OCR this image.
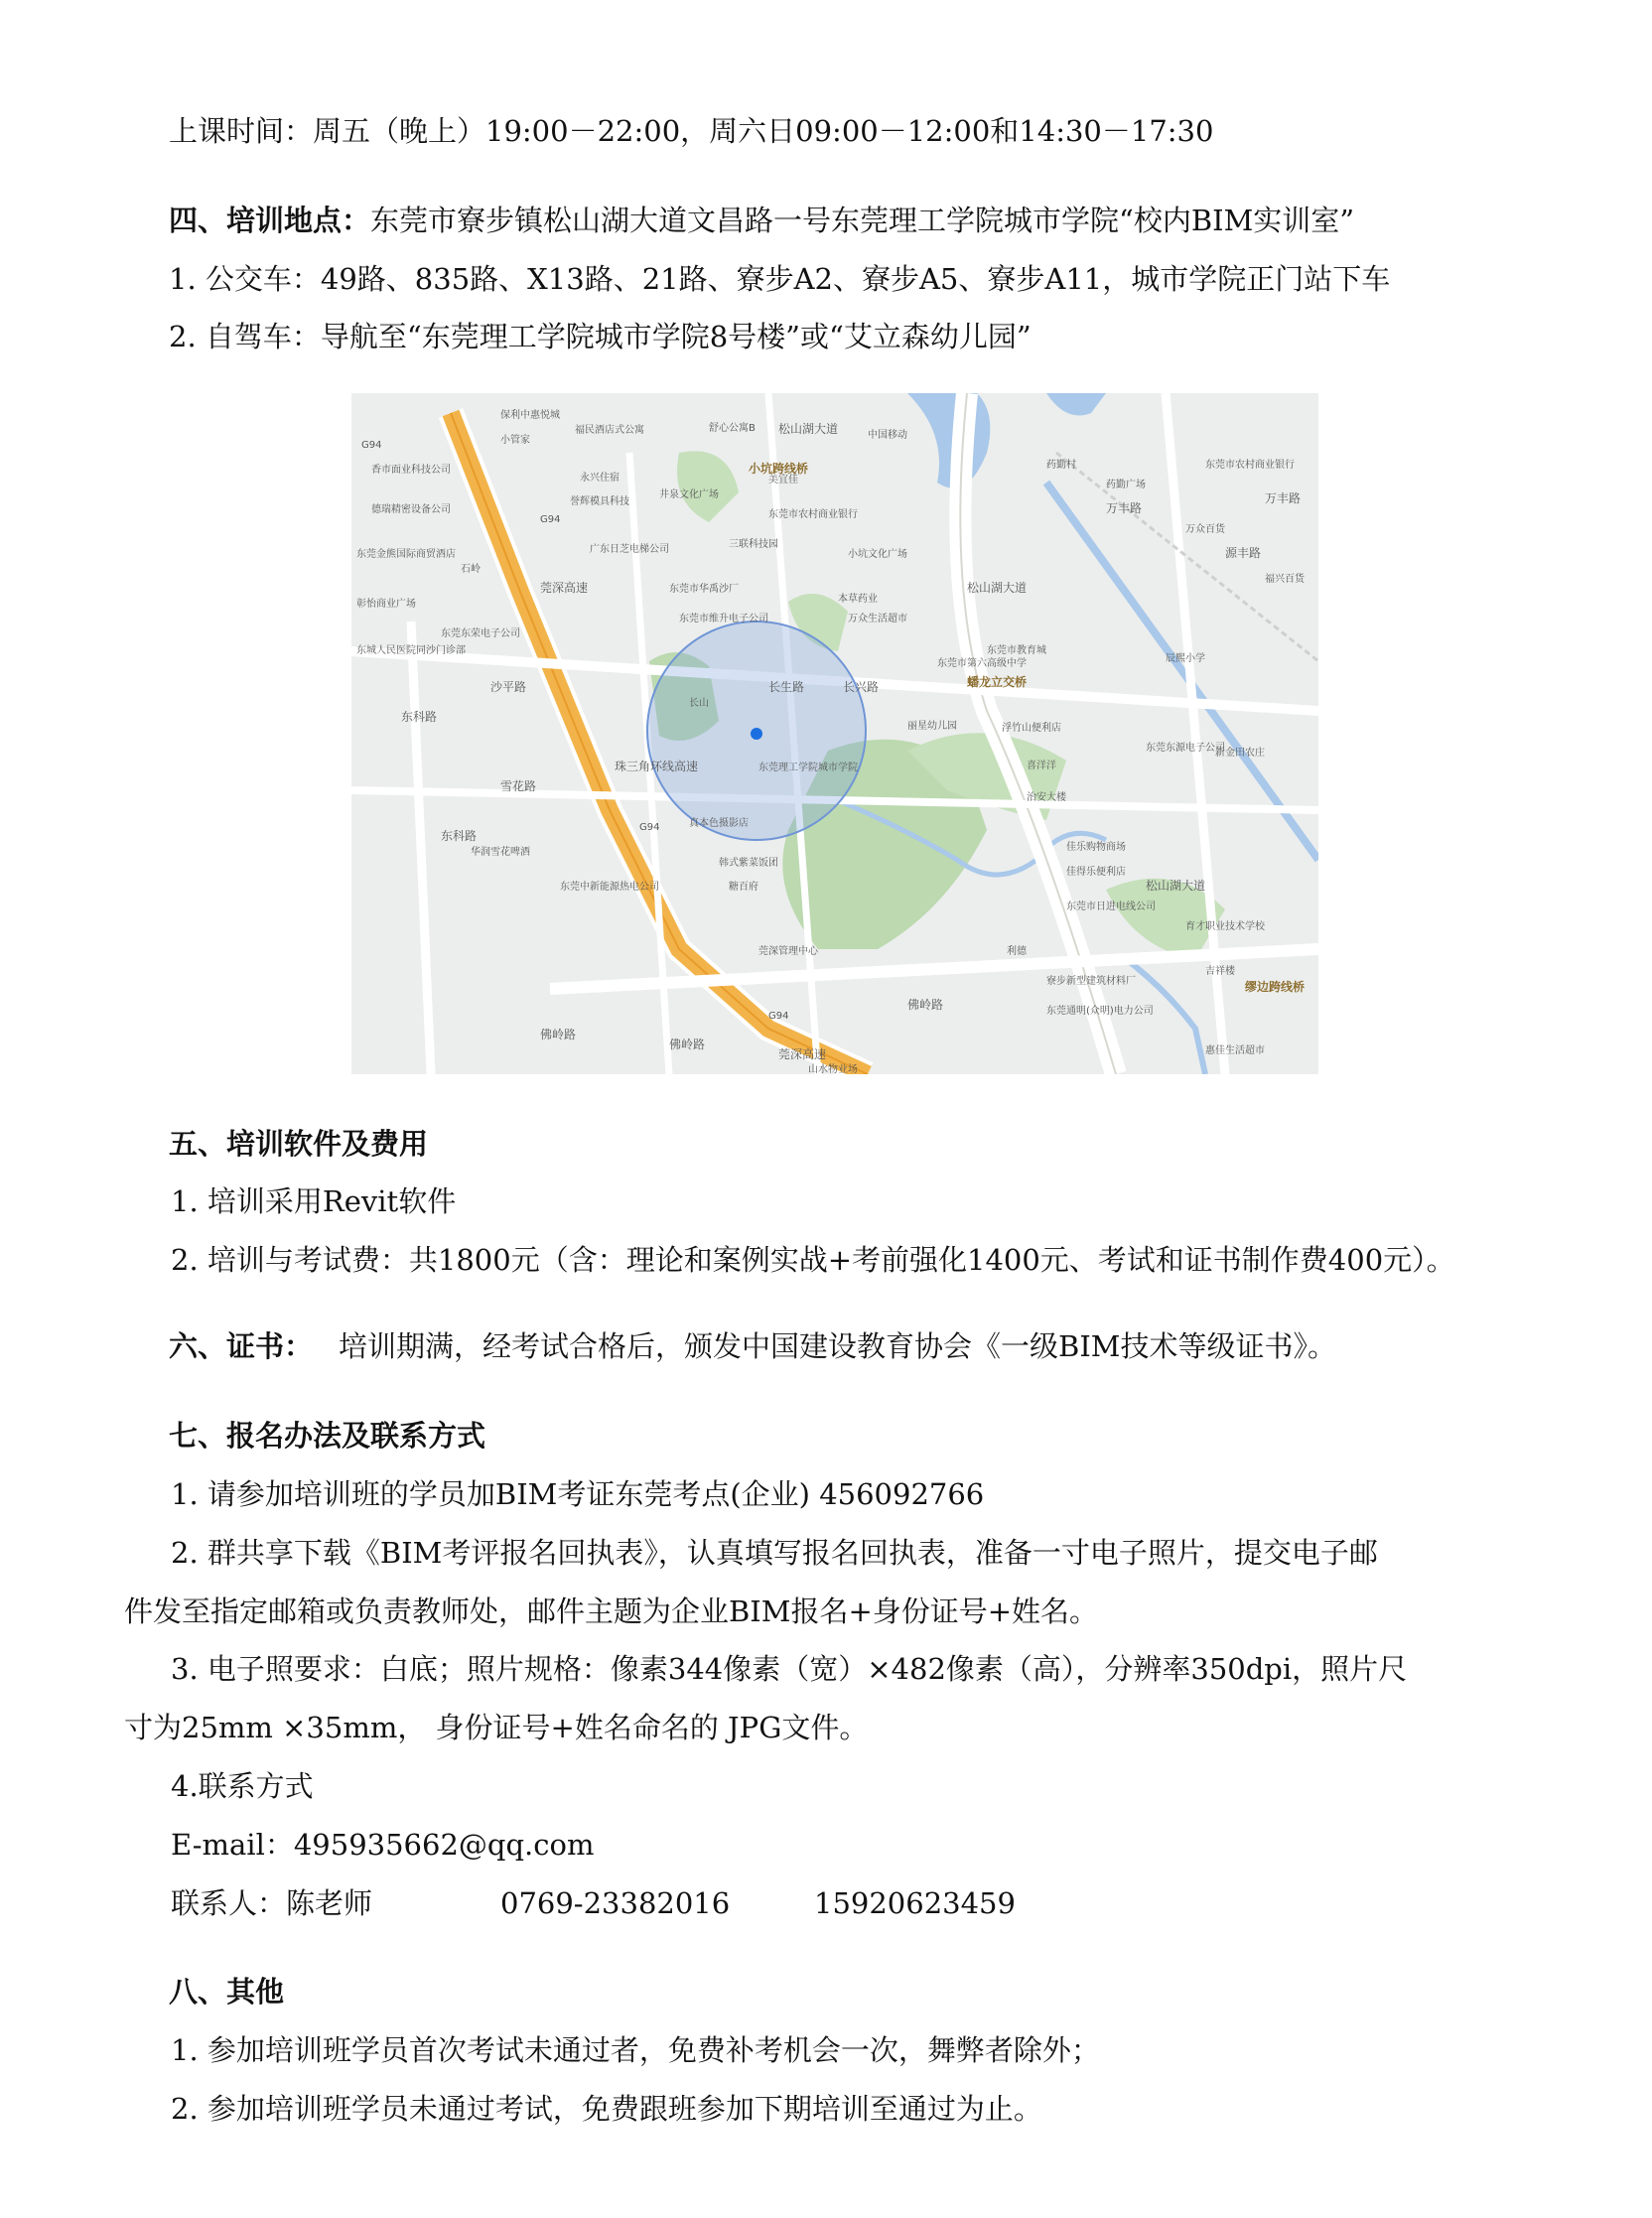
上课时间：周五（晚上）19:00－22:00，周六日09:00－12:00和14:30－17:30
四、培训地点：东莞市寮步镇松山湖大道文昌路一号东莞理工学院城市学院“校内BIM实训室”
1. 公交车：49路、835路、X13路、21路、寮步A2、寮步A5、寮步A11，城市学院正门站下车
2. 自驾车：导航至“东莞理工学院城市学院8号楼”或“艾立森幼儿园”
小坑跨线桥
蟠龙立交桥
缪边跨线桥
松山湖大道
松山湖大道
松山湖大道
莞深高速
莞深高速
珠三角环线高速
G94
G94
G94
G94
长山
东莞理工学院城市学院
真本色摄影店
韩式紫菜饭团
糖百府
莞深管理中心
佛岭路
佛岭路
佛岭路
雪花路
东科路
东科路
沙平路	长生路	长兴路
保利中惠悦城
小管家
福民酒店式公寓	舒心公寓B
中国移动
永兴住宿
井泉文化广场
美宜佳
东莞市农村商业银行
三联科技园
小坑文化广场
本草药业
万众生活超市
东莞市第六高级中学
东莞市教育城
浮竹山便利店
喜洋洋
治安大楼
佳乐购物商场
佳得乐便利店
东莞市日进电线公司
育才职业技术学校
利德
吉祥楼
寮步新型建筑材料厂
东莞通明(众明)电力公司
惠佳生活超市
山水物业场
药勤村
药勤广场
万丰路
万丰路
万众百货
福兴百货
源丰路
辰熙小学
新金田农庄
东莞东源电子公司
东莞市农村商业银行
华润雪花啤酒
东莞中新能源热电公司
石岭
香市面业科技公司
德瑞精密设备公司
东莞金熊国际商贸酒店
彰怡商业广场
东城人民医院同沙门诊部
誉辉模具科技
广东日芝电梯公司
东莞市华禹沙厂
东莞市维升电子公司
东莞东荣电子公司
丽星幼儿园
五、培训软件及费用
1. 培训采用Revit软件
2. 培训与考试费：共1800元（含：理论和案例实战+考前强化1400元、考试和证书制作费400元）。
六、证书： 培训期满，经考试合格后，颁发中国建设教育协会《一级BIM技术等级证书》。
七、报名办法及联系方式
1. 请参加培训班的学员加BIM考证东莞考点(企业) 456092766
2. 群共享下载《BIM考评报名回执表》，认真填写报名回执表，准备一寸电子照片，提交电子邮
件发至指定邮箱或负责教师处，邮件主题为企业BIM报名+身份证号+姓名。
3. 电子照要求：白底；照片规格：像素344像素（宽）×482像素（高），分辨率350dpi，照片尺
寸为25mm ×35mm， 身份证号+姓名命名的 JPG文件。
4.联系方式
E-mail：495935662@qq.com
联系人：陈老师	0769-23382016	15920623459
八、其他
1. 参加培训班学员首次考试未通过者，免费补考机会一次，舞弊者除外；
2. 参加培训班学员未通过考试，免费跟班参加下期培训至通过为止。
